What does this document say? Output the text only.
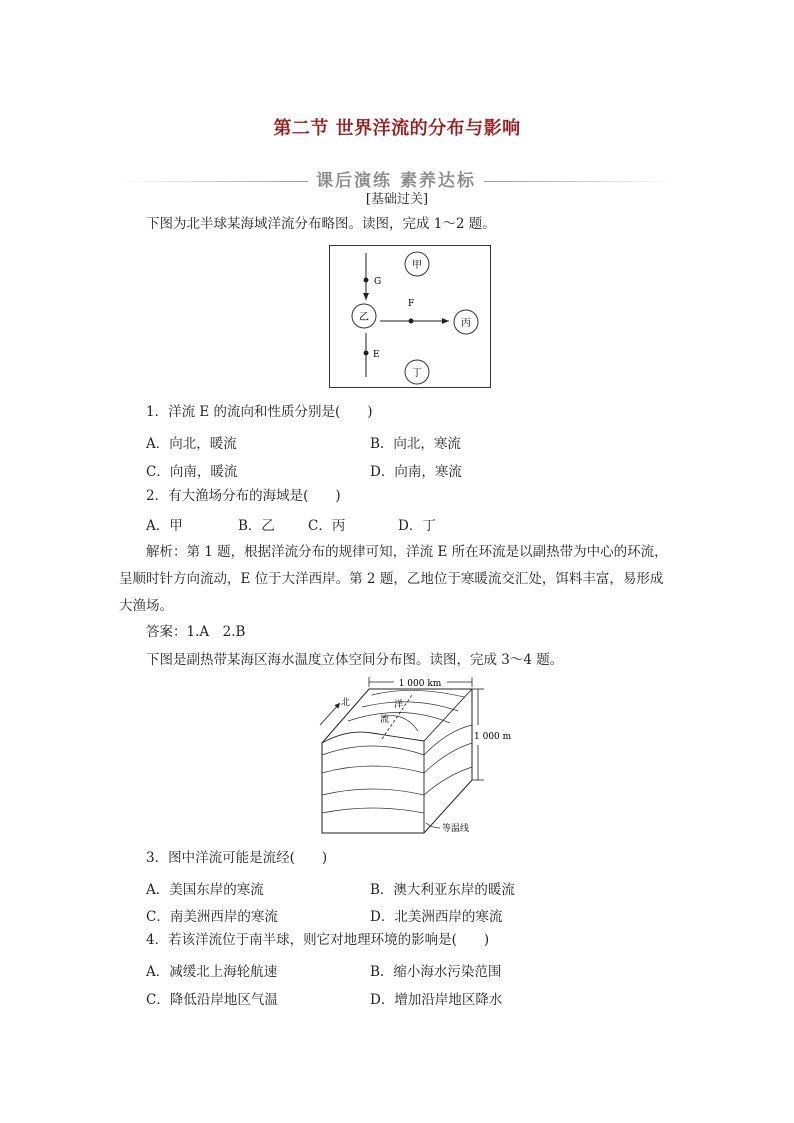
第二节 世界洋流的分布与影响
课后演练 素养达标
[基础过关]
下图为北半球某海域洋流分布略图。读图，完成 1～2 题。
甲
乙
丙
丁
G
F
E
1．洋流 E 的流向和性质分别是(　　)
A．向北，暖流	B．向北，寒流
C．向南，暖流	D．向南，寒流
2．有大渔场分布的海域是(　　)
A．甲	B．乙 C．丙	D．丁
解析：第 1 题，根据洋流分布的规律可知，洋流 E 所在环流是以副热带为中心的环流，
呈顺时针方向流动，E 位于大洋西岸。第 2 题，乙地位于寒暖流交汇处，饵料丰富，易形成
大渔场。
答案：1.A　2.B
下图是副热带某海区海水温度立体空间分布图。读图，完成 3～4 题。
1 000 km
1 000 m
洋
流
北
等温线
3．图中洋流可能是流经(　　)
A．美国东岸的寒流	B．澳大利亚东岸的暖流
C．南美洲西岸的寒流	D．北美洲西岸的寒流
4．若该洋流位于南半球，则它对地理环境的影响是(　　)
A．减缓北上海轮航速	B．缩小海水污染范围
C．降低沿岸地区气温	D．增加沿岸地区降水
